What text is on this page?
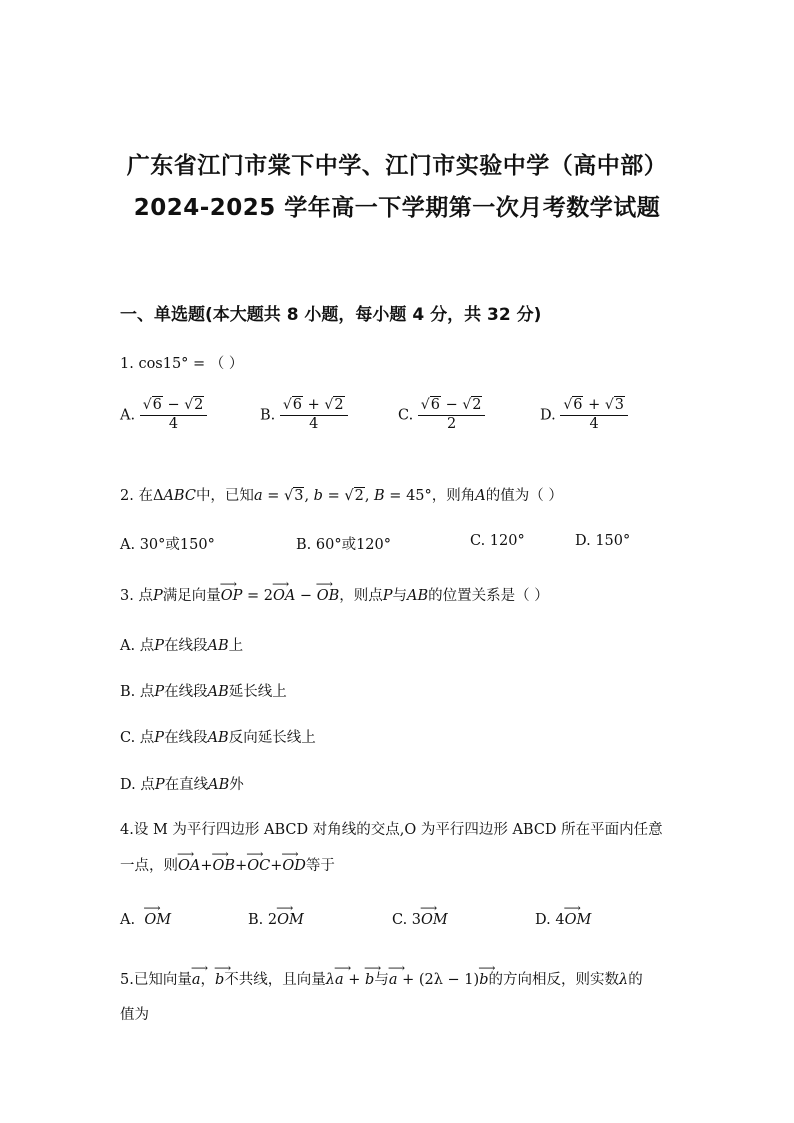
广东省江门市棠下中学、江门市实验中学（高中部）
2024-2025 学年高一下学期第一次月考数学试题
一、单选题(本大题共 8 小题，每小题 4 分，共 32 分)
1. cos15° = （ ）
A. $\frac{√6 - √2}{4}$	B. $\frac{√6 + √2}{4}$	C. $\frac{√6 - √2}{2}$	D. $\frac{√6 + √3}{4}$
2. 在ΔABC中，已知a = √3, b = √2, B = 45°，则角A的值为（ ）
A. 30°或150°	B. 60°或120°	C. 120°	D. 150°
3. 点P满足向量⟶ OP = 2⟶ OA − ⟶ OB，则点P与AB的位置关系是（ ）
A. 点P在线段AB上
B. 点P在线段AB延长线上
C. 点P在线段AB反向延长线上
D. 点P在直线AB外
4.设 M 为平行四边形 ABCD 对角线的交点,O 为平行四边形 ABCD 所在平面内任意
一点，则⟶ OA+⟶ OB+⟶ OC+⟶ OD等于
A.  ⟶ OM	B. 2⟶ OM	C. 3⟶ OM	D. 4⟶ OM
5.已知向量⟶ a，⟶ b不共线，且向量λ⟶ a + ⟶ b与⟶ a + (2λ − 1)⟶ b的方向相反，则实数λ的
值为
